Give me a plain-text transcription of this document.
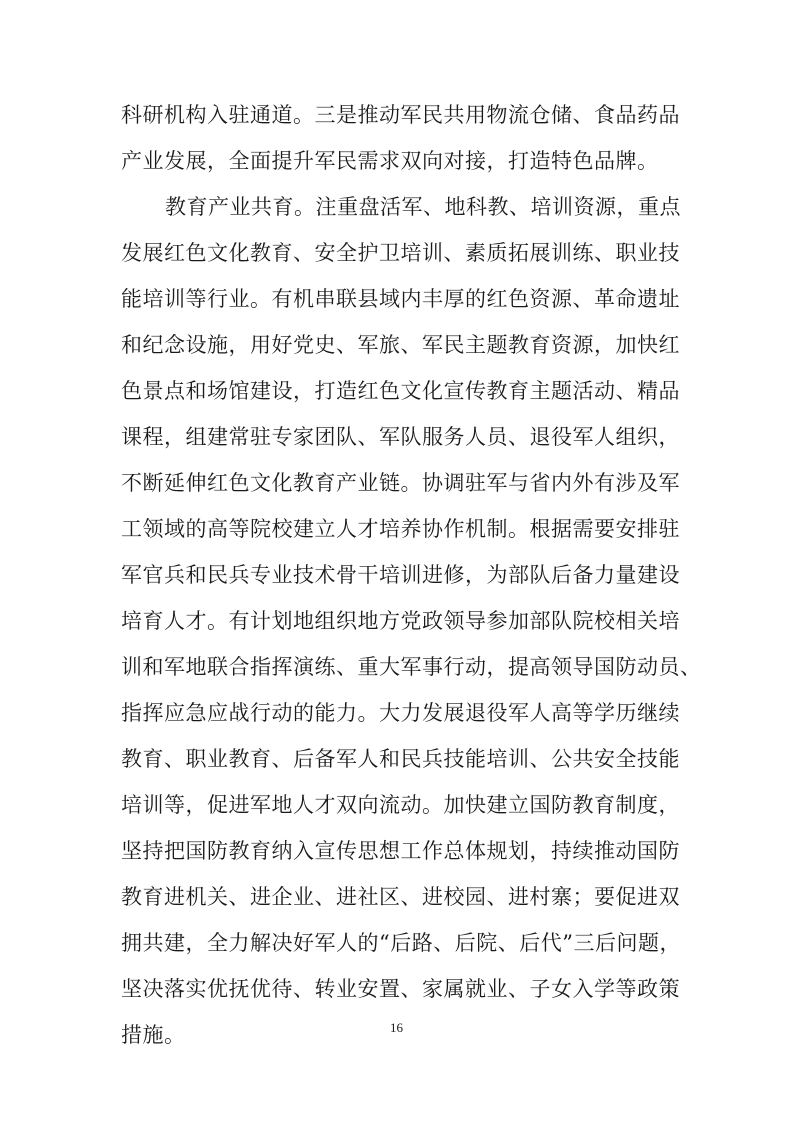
科研机构入驻通道。三是推动军民共用物流仓储、食品药品
产业发展，全面提升军民需求双向对接，打造特色品牌。
教育产业共育。注重盘活军、地科教、培训资源，重点
发展红色文化教育、安全护卫培训、素质拓展训练、职业技
能培训等行业。有机串联县域内丰厚的红色资源、革命遗址
和纪念设施，用好党史、军旅、军民主题教育资源，加快红
色景点和场馆建设，打造红色文化宣传教育主题活动、精品
课程，组建常驻专家团队、军队服务人员、退役军人组织，
不断延伸红色文化教育产业链。协调驻军与省内外有涉及军
工领域的高等院校建立人才培养协作机制。根据需要安排驻
军官兵和民兵专业技术骨干培训进修，为部队后备力量建设
培育人才。有计划地组织地方党政领导参加部队院校相关培
训和军地联合指挥演练、重大军事行动，提高领导国防动员、
指挥应急应战行动的能力。大力发展退役军人高等学历继续
教育、职业教育、后备军人和民兵技能培训、公共安全技能
培训等，促进军地人才双向流动。加快建立国防教育制度，
坚持把国防教育纳入宣传思想工作总体规划，持续推动国防
教育进机关、进企业、进社区、进校园、进村寨；要促进双
拥共建，全力解决好军人的“后路、后院、后代”三后问题，
坚决落实优抚优待、转业安置、家属就业、子女入学等政策
措施。	16
